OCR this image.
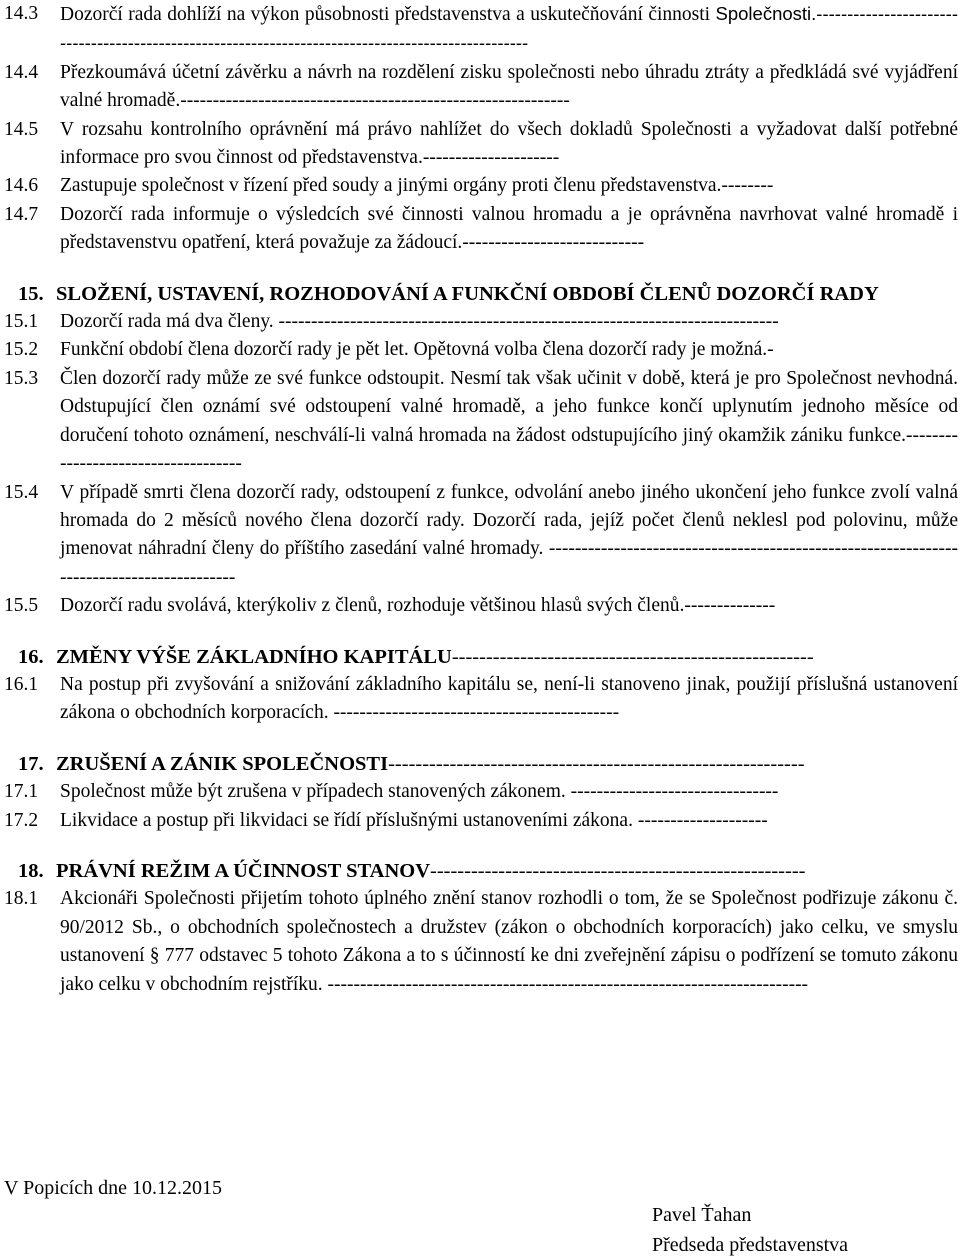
14.3	Dozorčí rada dohlíží na výkon působnosti představenstva a uskutečňování činnosti Společnosti.---------------------------------------------------------------------------------------------------
14.4	Přezkoumává účetní závěrku a návrh na rozdělení zisku společnosti nebo úhradu ztráty a předkládá své vyjádření valné hromadě.------------------------------------------------------------
14.5	V rozsahu kontrolního oprávnění má právo nahlížet do všech dokladů Společnosti a vyžadovat další potřebné informace pro svou činnost od představenstva.---------------------
14.6	Zastupuje společnost v řízení před soudy a jinými orgány proti členu představenstva.--------
14.7	Dozorčí rada informuje o výsledcích své činnosti valnou hromadu a je oprávněna navrhovat valné hromadě i představenstvu opatření, která považuje za žádoucí.----------------------------
15. SLOŽENÍ, USTAVENÍ, ROZHODOVÁNÍ A FUNKČNÍ OBDOBÍ ČLENŮ DOZORČÍ RADY
15.1	Dozorčí rada má dva členy. -----------------------------------------------------------------------------
15.2	Funkční období člena dozorčí rady je pět let. Opětovná volba člena dozorčí rady je možná.-
15.3	Člen dozorčí rady může ze své funkce odstoupit. Nesmí tak však učinit v době, která je pro Společnost nevhodná. Odstupující člen oznámí své odstoupení valné hromadě, a jeho funkce končí uplynutím jednoho měsíce od doručení tohoto oznámení, neschválí-li valná hromada na žádost odstupujícího jiný okamžik zániku funkce.------------------------------------
15.4	V případě smrti člena dozorčí rady, odstoupení z funkce, odvolání anebo jiného ukončení jeho funkce zvolí valná hromada do 2 měsíců nového člena dozorčí rady. Dozorčí rada, jejíž počet členů neklesl pod polovinu, může jmenovat náhradní členy do příštího zasedání valné hromady. ------------------------------------------------------------------------------------------
15.5	Dozorčí radu svolává, kterýkoliv z členů, rozhoduje většinou hlasů svých členů.--------------
16. ZMĚNY VÝŠE ZÁKLADNÍHO KAPITÁLU-----------------------------------------------------
16.1	Na postup při zvyšování a snižování základního kapitálu se, není-li stanoveno jinak, použijí příslušná ustanovení zákona o obchodních korporacích. --------------------------------------------
17. ZRUŠENÍ A ZÁNIK SPOLEČNOSTI-------------------------------------------------------------
17.1	Společnost může být zrušena v případech stanovených zákonem. --------------------------------
17.2	Likvidace a postup při likvidaci se řídí příslušnými ustanoveními zákona. --------------------
18. PRÁVNÍ REŽIM A ÚČINNOST STANOV-------------------------------------------------------
18.1	Akcionáři Společnosti přijetím tohoto úplného znění stanov rozhodli o tom, že se Společnost podřizuje zákonu č. 90/2012 Sb., o obchodních společnostech a družstev (zákon o obchodních korporacích) jako celku, ve smyslu ustanovení § 777 odstavec 5 tohoto Zákona a to s účinností ke dni zveřejnění zápisu o podřízení se tomuto zákonu jako celku v obchodním rejstříku. --------------------------------------------------------------------------
V Popicích dne 10.12.2015
Pavel Ťahan
Předseda představenstva
